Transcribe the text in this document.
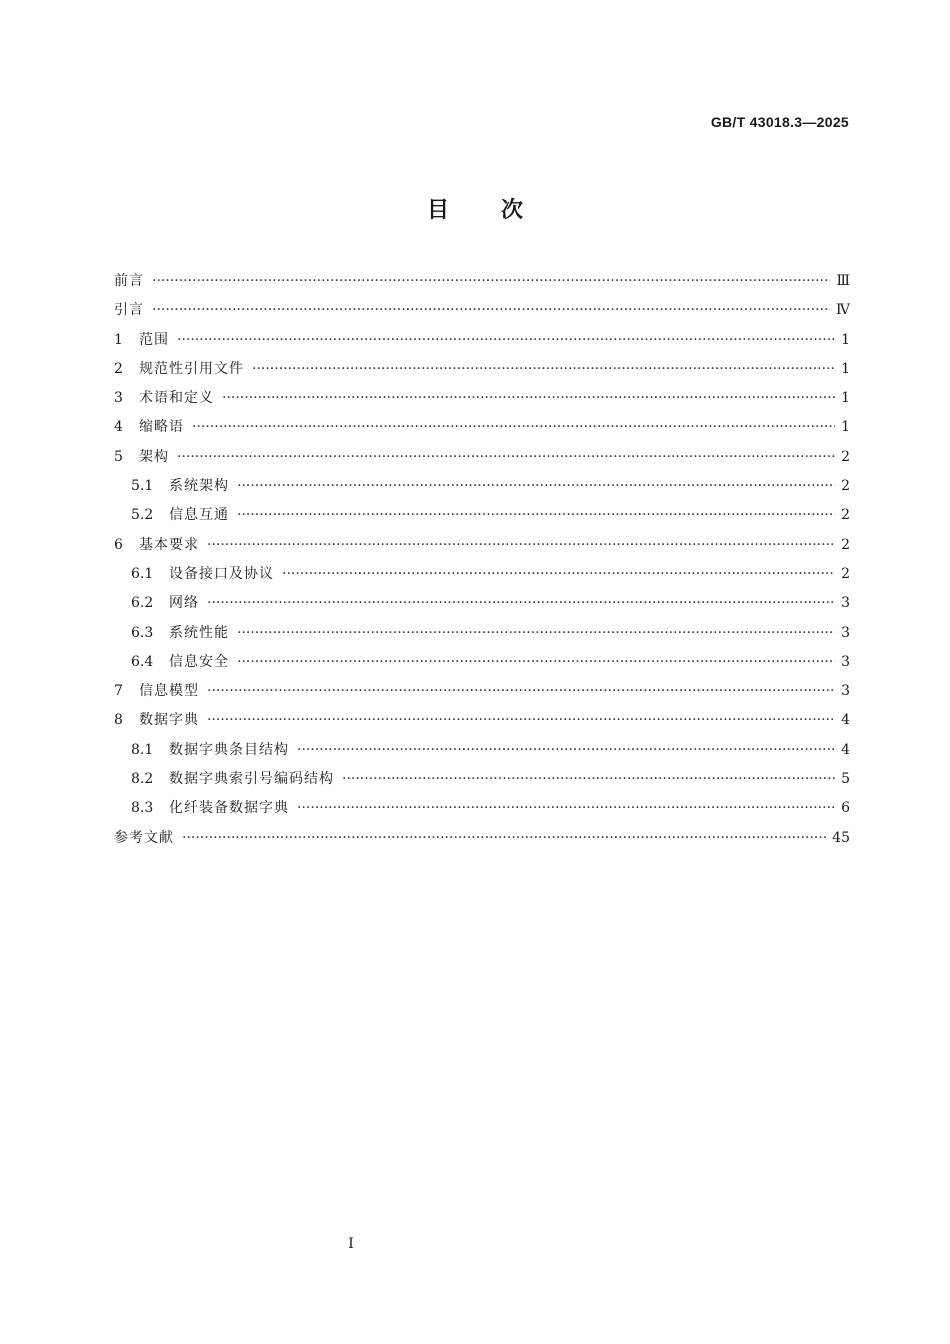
GB/T 43018.3—2025
目次
前言 ·····	Ⅲ
引言 ·····	Ⅳ
1	范围 ·····	1
2	规范性引用文件 ·····	1
3	术语和定义 ·····	1
4	缩略语 ·····	1
5	架构 ·····	2
5.1	系统架构 ·····	2
5.2	信息互通 ·····	2
6	基本要求 ·····	2
6.1	设备接口及协议 ·····	2
6.2	网络 ·····	3
6.3	系统性能 ·····	3
6.4	信息安全 ·····	3
7	信息模型 ·····	3
8	数据字典 ·····	4
8.1	数据字典条目结构 ·····	4
8.2	数据字典索引号编码结构 ·····	5
8.3	化纤装备数据字典 ·····	6
参考文献 ·····	45
Ⅰ
